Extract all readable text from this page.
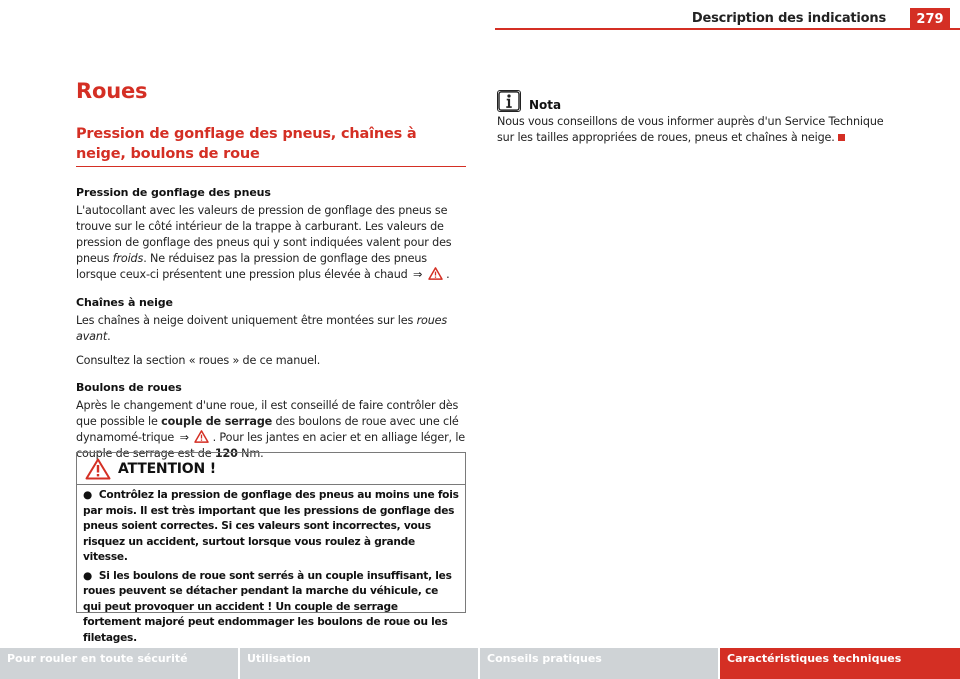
Description des indications 279
Roues
Pression de gonflage des pneus, chaînes à neige, boulons de roue
Pression de gonflage des pneus

L'autocollant avec les valeurs de pression de gonflage des pneus se trouve sur le côté intérieur de la trappe à carburant. Les valeurs de pression de gonflage des pneus qui y sont indiquées valent pour des pneus froids. Ne réduisez pas la pression de gonflage des pneus lorsque ceux-ci présentent une pression plus élevée à chaud ⇒ .

Chaînes à neige

Les chaînes à neige doivent uniquement être montées sur les roues avant.

Consultez la section « roues » de ce manuel.

Boulons de roues

Après le changement d'une roue, il est conseillé de faire contrôler dès que possible le couple de serrage des boulons de roue avec une clé dynamomé-trique ⇒ . Pour les jantes en acier et en alliage léger, le couple de serrage est de 120 Nm.

ATTENTION !

● Contrôlez la pression de gonflage des pneus au moins une fois par mois. Il est très important que les pressions de gonflage des pneus soient correctes. Si ces valeurs sont incorrectes, vous risquez un accident, surtout lorsque vous roulez à grande vitesse.

● Si les boulons de roue sont serrés à un couple insuffisant, les roues peuvent se détacher pendant la marche du véhicule, ce qui peut provoquer un accident ! Un couple de serrage fortement majoré peut endommager les boulons de roue ou les filetages.

Nota

Nous vous conseillons de vous informer auprès d'un Service Technique sur les tailles appropriées de roues, pneus et chaînes à neige.

Pour rouler en toute sécurité	Utilisation	Conseils pratiques	Caractéristiques techniques
